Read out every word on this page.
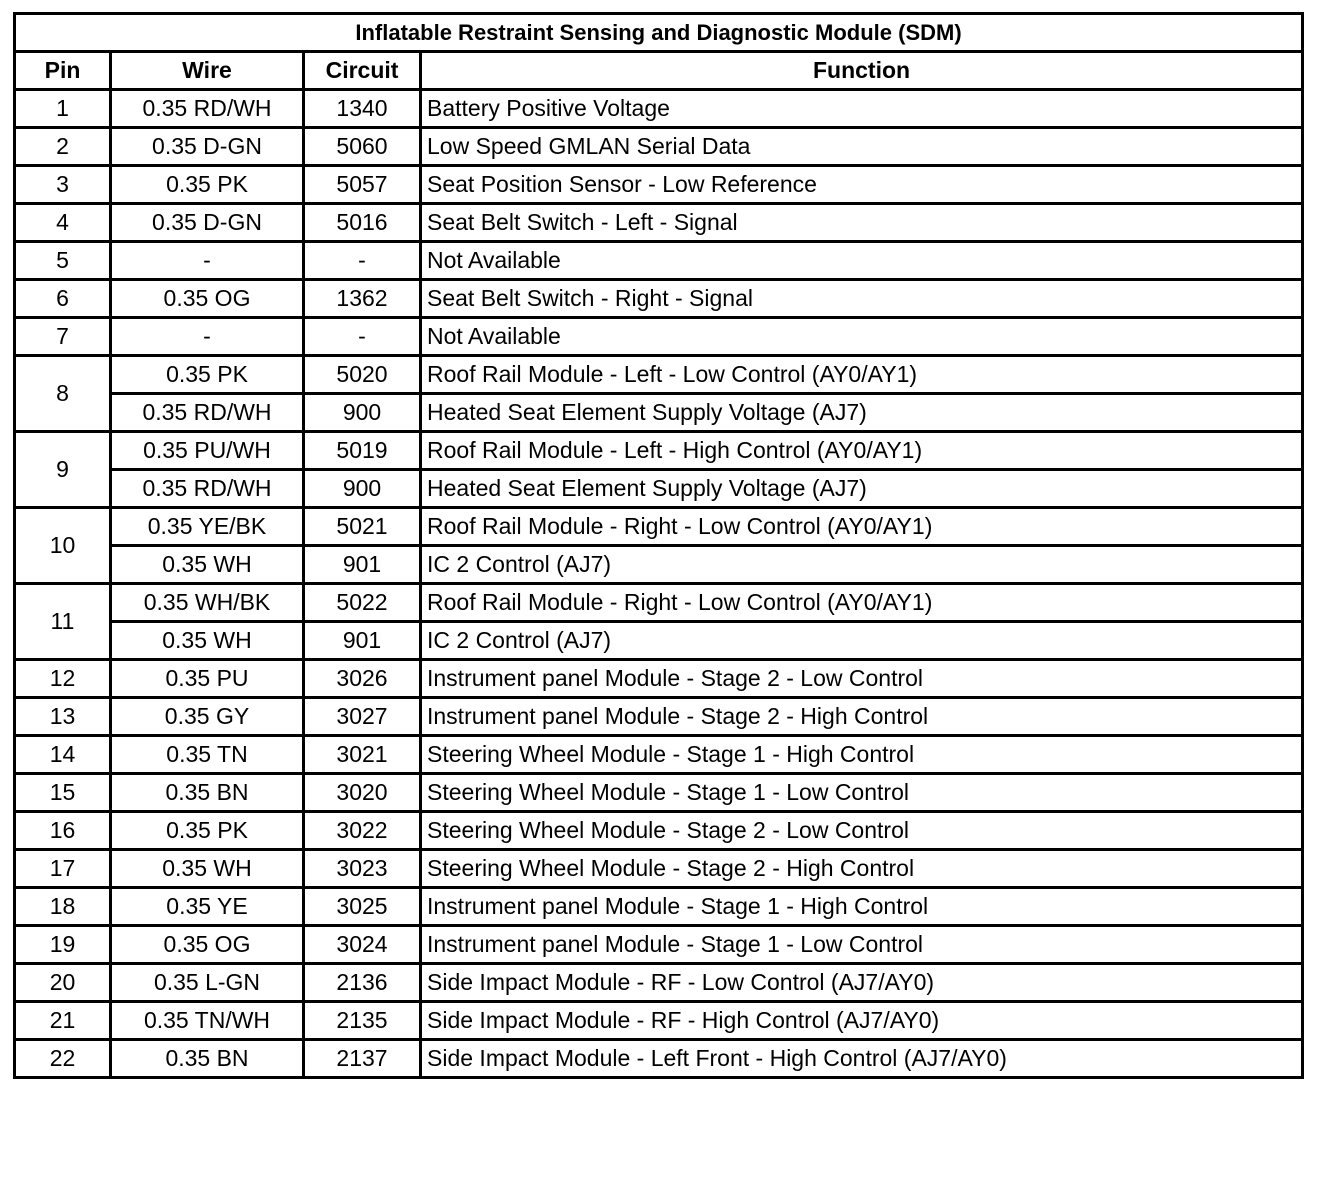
Inflatable Restraint Sensing and Diagnostic Module (SDM)			
Pin	Wire	Circuit	Function
1	0.35 RD/WH	1340	Battery Positive Voltage
2	0.35 D-GN	5060	Low Speed GMLAN Serial Data
3	0.35 PK	5057	Seat Position Sensor - Low Reference
4	0.35 D-GN	5016	Seat Belt Switch - Left - Signal
5	-	-	Not Available
6	0.35 OG	1362	Seat Belt Switch - Right - Signal
7	-	-	Not Available
8	0.35 PK	5020	Roof Rail Module - Left - Low Control (AY0/AY1)
	0.35 RD/WH	900	Heated Seat Element Supply Voltage (AJ7)
9	0.35 PU/WH	5019	Roof Rail Module - Left - High Control (AY0/AY1)
	0.35 RD/WH	900	Heated Seat Element Supply Voltage (AJ7)
10	0.35 YE/BK	5021	Roof Rail Module - Right - Low Control (AY0/AY1)
	0.35 WH	901	IC 2 Control (AJ7)
11	0.35 WH/BK	5022	Roof Rail Module - Right - Low Control (AY0/AY1)
	0.35 WH	901	IC 2 Control (AJ7)
12	0.35 PU	3026	Instrument panel Module - Stage 2 - Low Control
13	0.35 GY	3027	Instrument panel Module - Stage 2 - High Control
14	0.35 TN	3021	Steering Wheel Module - Stage 1 - High Control
15	0.35 BN	3020	Steering Wheel Module - Stage 1 - Low Control
16	0.35 PK	3022	Steering Wheel Module - Stage 2 - Low Control
17	0.35 WH	3023	Steering Wheel Module - Stage 2 - High Control
18	0.35 YE	3025	Instrument panel Module - Stage 1 - High Control
19	0.35 OG	3024	Instrument panel Module - Stage 1 - Low Control
20	0.35 L-GN	2136	Side Impact Module - RF - Low Control (AJ7/AY0)
21	0.35 TN/WH	2135	Side Impact Module - RF - High Control (AJ7/AY0)
22	0.35 BN	2137	Side Impact Module - Left Front - High Control (AJ7/AY0)
